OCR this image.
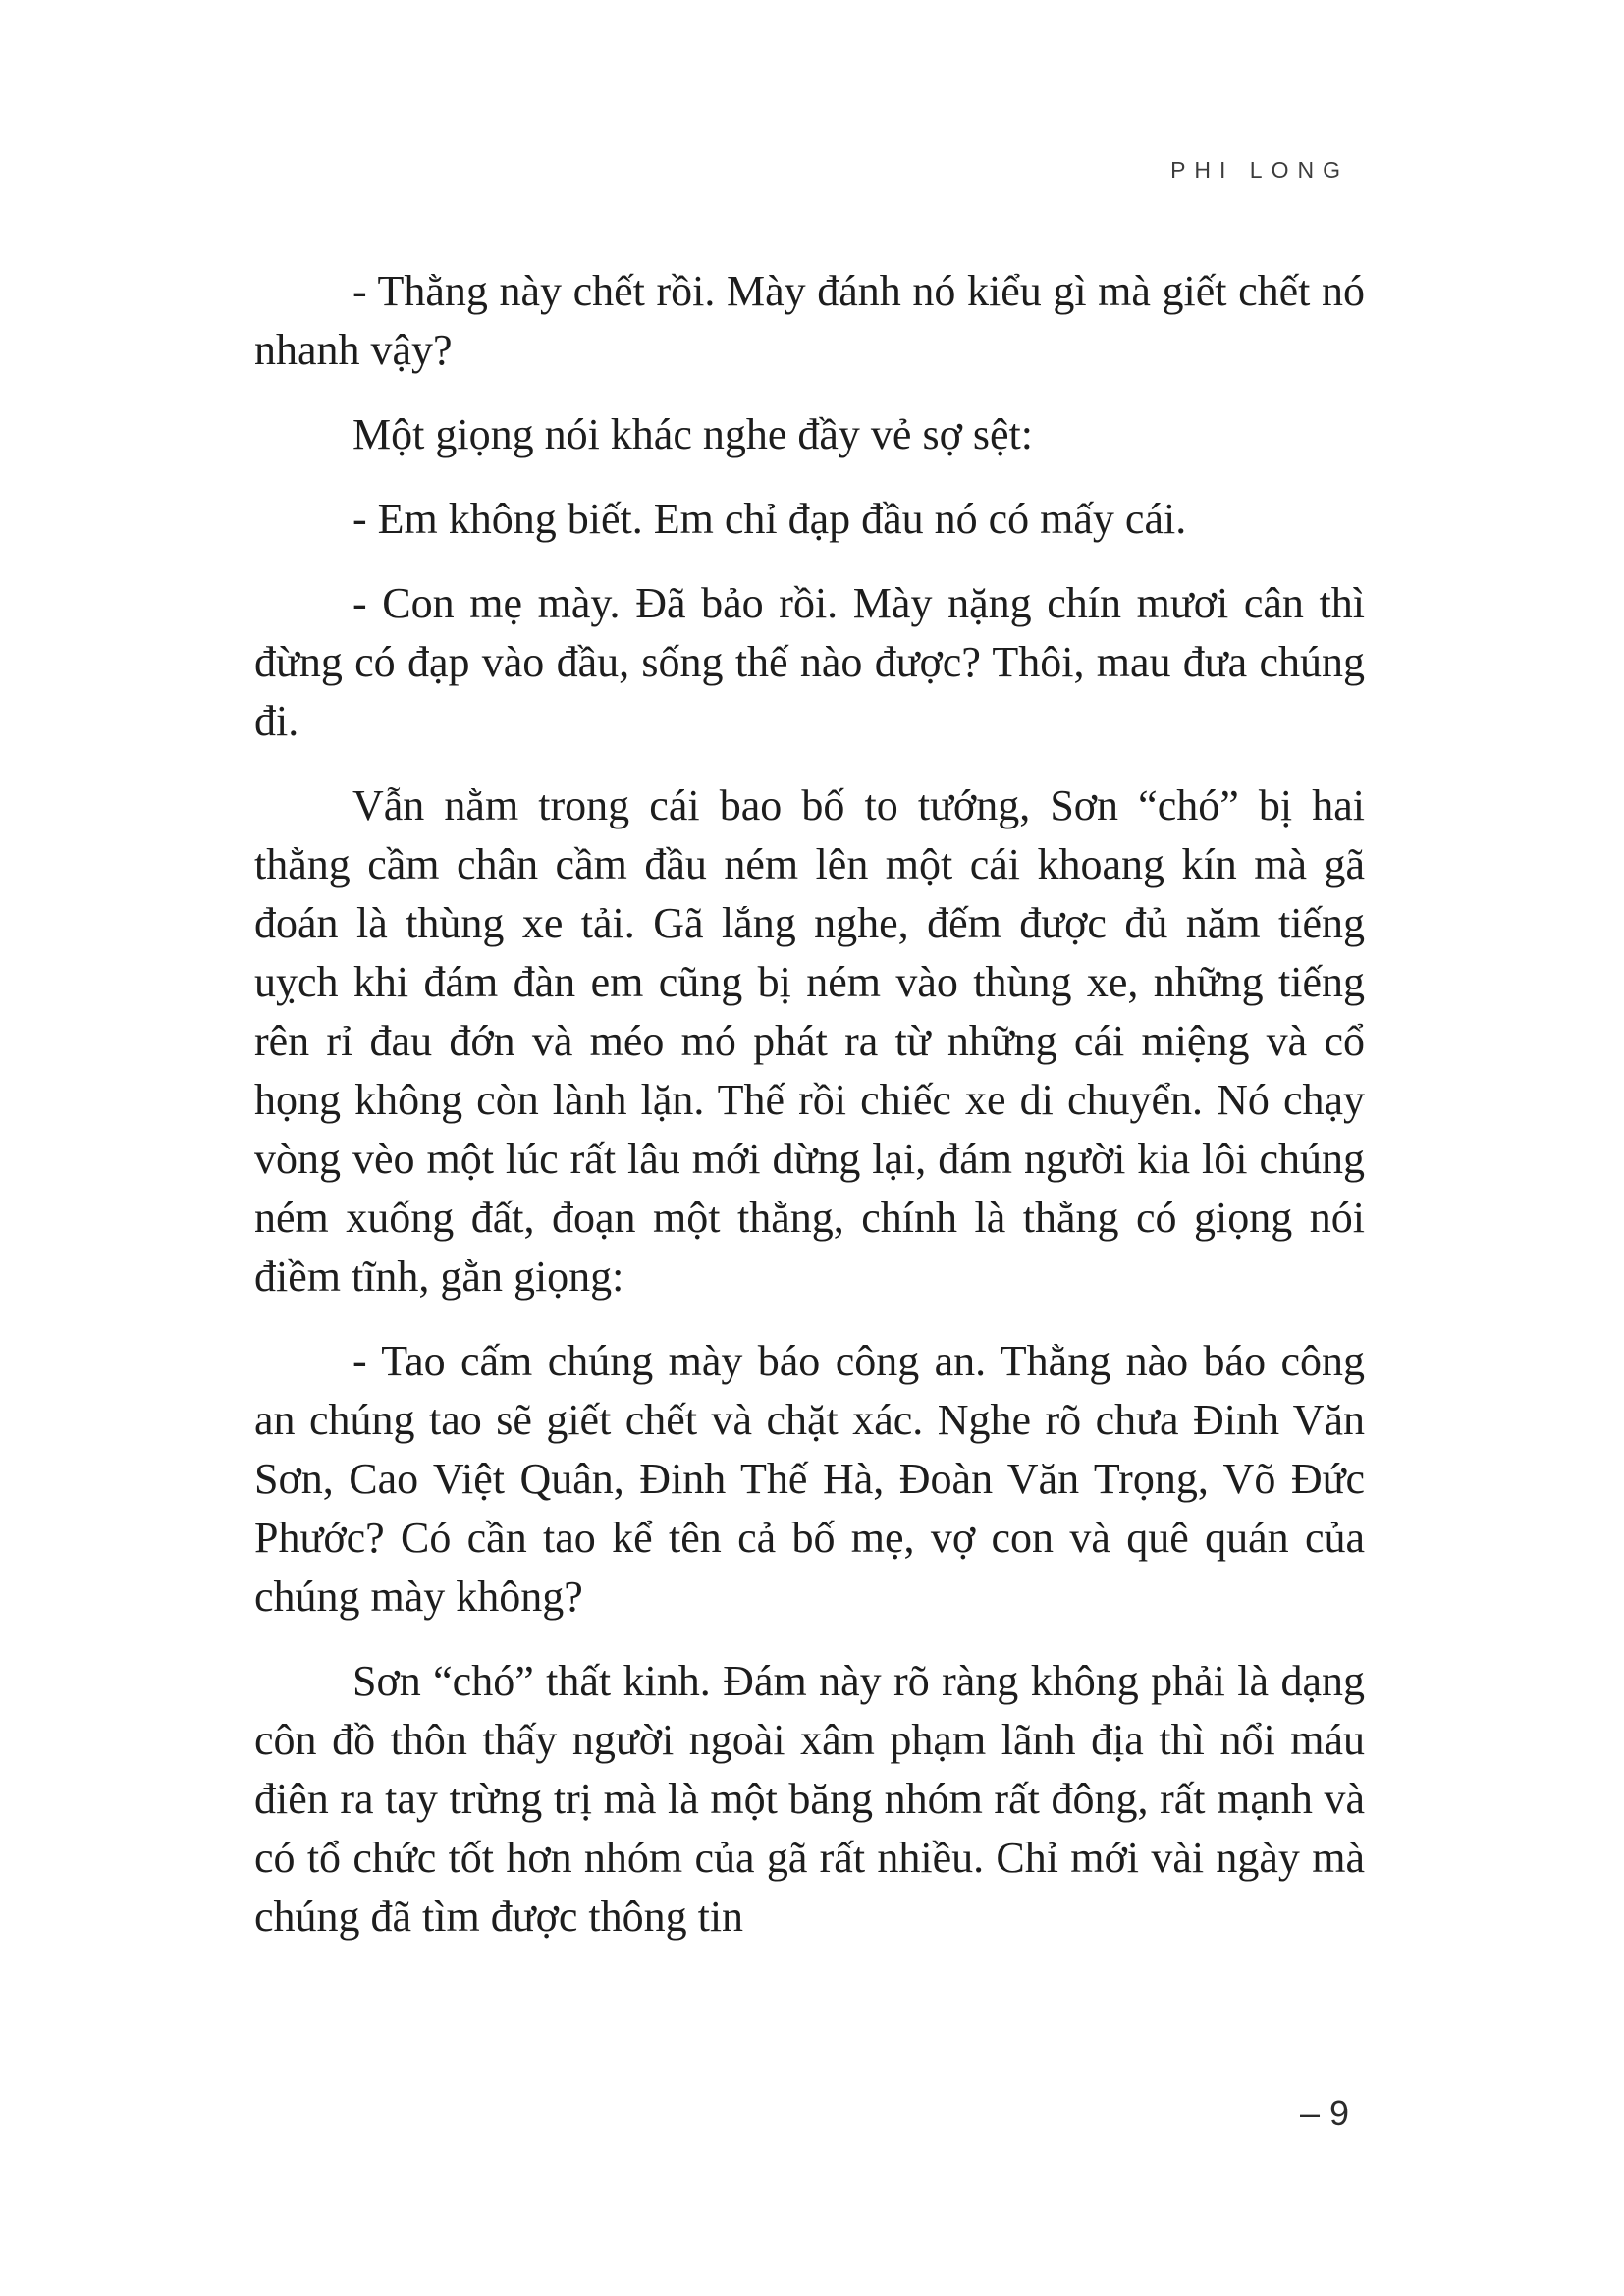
PHI LONG

- Thằng này chết rồi. Mày đánh nó kiểu gì mà giết chết nó nhanh vậy?

Một giọng nói khác nghe đầy vẻ sợ sệt:

- Em không biết. Em chỉ đạp đầu nó có mấy cái.

- Con mẹ mày. Đã bảo rồi. Mày nặng chín mươi cân thì đừng có đạp vào đầu, sống thế nào được? Thôi, mau đưa chúng đi.

Vẫn nằm trong cái bao bố to tướng, Sơn “chó” bị hai thằng cầm chân cầm đầu ném lên một cái khoang kín mà gã đoán là thùng xe tải. Gã lắng nghe, đếm được đủ năm tiếng uỵch khi đám đàn em cũng bị ném vào thùng xe, những tiếng rên rỉ đau đớn và méo mó phát ra từ những cái miệng và cổ họng không còn lành lặn. Thế rồi chiếc xe di chuyển. Nó chạy vòng vèo một lúc rất lâu mới dừng lại, đám người kia lôi chúng ném xuống đất, đoạn một thằng, chính là thằng có giọng nói điềm tĩnh, gằn giọng:

- Tao cấm chúng mày báo công an. Thằng nào báo công an chúng tao sẽ giết chết và chặt xác. Nghe rõ chưa Đinh Văn Sơn, Cao Việt Quân, Đinh Thế Hà, Đoàn Văn Trọng, Võ Đức Phước? Có cần tao kể tên cả bố mẹ, vợ con và quê quán của chúng mày không?

Sơn “chó” thất kinh. Đám này rõ ràng không phải là dạng côn đồ thôn thấy người ngoài xâm phạm lãnh địa thì nổi máu điên ra tay trừng trị mà là một băng nhóm rất đông, rất mạnh và có tổ chức tốt hơn nhóm của gã rất nhiều. Chỉ mới vài ngày mà chúng đã tìm được thông tin

– 9
